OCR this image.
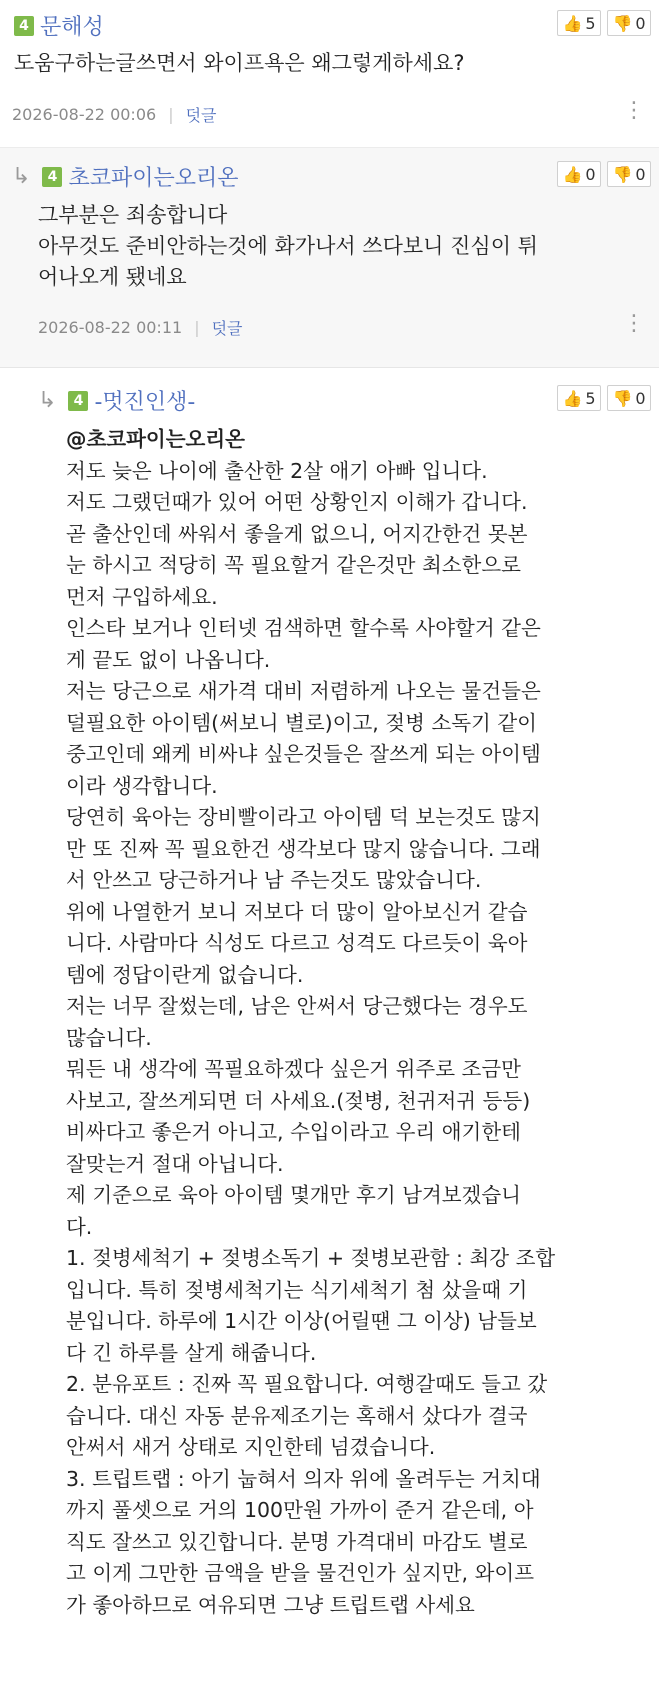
4 문해성	👍 5 👎 0

도움구하는글쓰면서 와이프욕은 왜그렇게하세요?

2026-08-22 00:06 | 덧글	⋮
↳	4 초코파이는오리온	👍 0 👎 0

그부분은 죄송합니다
아무것도 준비안하는것에 화가나서 쓰다보니 진심이 튀
어나오게 됐네요

2026-08-22 00:11 | 덧글	⋮
↳	4 -멋진인생-	👍 5 👎 0

@초코파이는오리온

저도 늦은 나이에 출산한 2살 애기 아빠 입니다.
저도 그랬던때가 있어 어떤 상황인지 이해가 갑니다.
곧 출산인데 싸워서 좋을게 없으니, 어지간한건 못본
눈 하시고 적당히 꼭 필요할거 같은것만 최소한으로
먼저 구입하세요.
인스타 보거나 인터넷 검색하면 할수록 사야할거 같은
게 끝도 없이 나옵니다.
저는 당근으로 새가격 대비 저렴하게 나오는 물건들은
덜필요한 아이템(써보니 별로)이고, 젖병 소독기 같이
중고인데 왜케 비싸냐 싶은것들은 잘쓰게 되는 아이템
이라 생각합니다.
당연히 육아는 장비빨이라고 아이템 덕 보는것도 많지
만 또 진짜 꼭 필요한건 생각보다 많지 않습니다. 그래
서 안쓰고 당근하거나 남 주는것도 많았습니다.
위에 나열한거 보니 저보다 더 많이 알아보신거 같습
니다. 사람마다 식성도 다르고 성격도 다르듯이 육아
템에 정답이란게 없습니다.
저는 너무 잘썼는데, 남은 안써서 당근했다는 경우도
많습니다.
뭐든 내 생각에 꼭필요하겠다 싶은거 위주로 조금만
사보고, 잘쓰게되면 더 사세요.(젖병, 천귀저귀 등등)
비싸다고 좋은거 아니고, 수입이라고 우리 애기한테
잘맞는거 절대 아닙니다.
제 기준으로 육아 아이템 몇개만 후기 남겨보겠습니
다.
1. 젖병세척기 + 젖병소독기 + 젖병보관함 : 최강 조합
입니다. 특히 젖병세척기는 식기세척기 첨 샀을때 기
분입니다. 하루에 1시간 이상(어릴땐 그 이상) 남들보
다 긴 하루를 살게 해줍니다.
2. 분유포트 : 진짜 꼭 필요합니다. 여행갈때도 들고 갔
습니다. 대신 자동 분유제조기는 혹해서 샀다가 결국
안써서 새거 상태로 지인한테 넘겼습니다.
3. 트립트랩 : 아기 눕혀서 의자 위에 올려두는 거치대
까지 풀셋으로 거의 100만원 가까이 준거 같은데, 아
직도 잘쓰고 있긴합니다. 분명 가격대비 마감도 별로
고 이게 그만한 금액을 받을 물건인가 싶지만, 와이프
가 좋아하므로 여유되면 그냥 트립트랩 사세요
